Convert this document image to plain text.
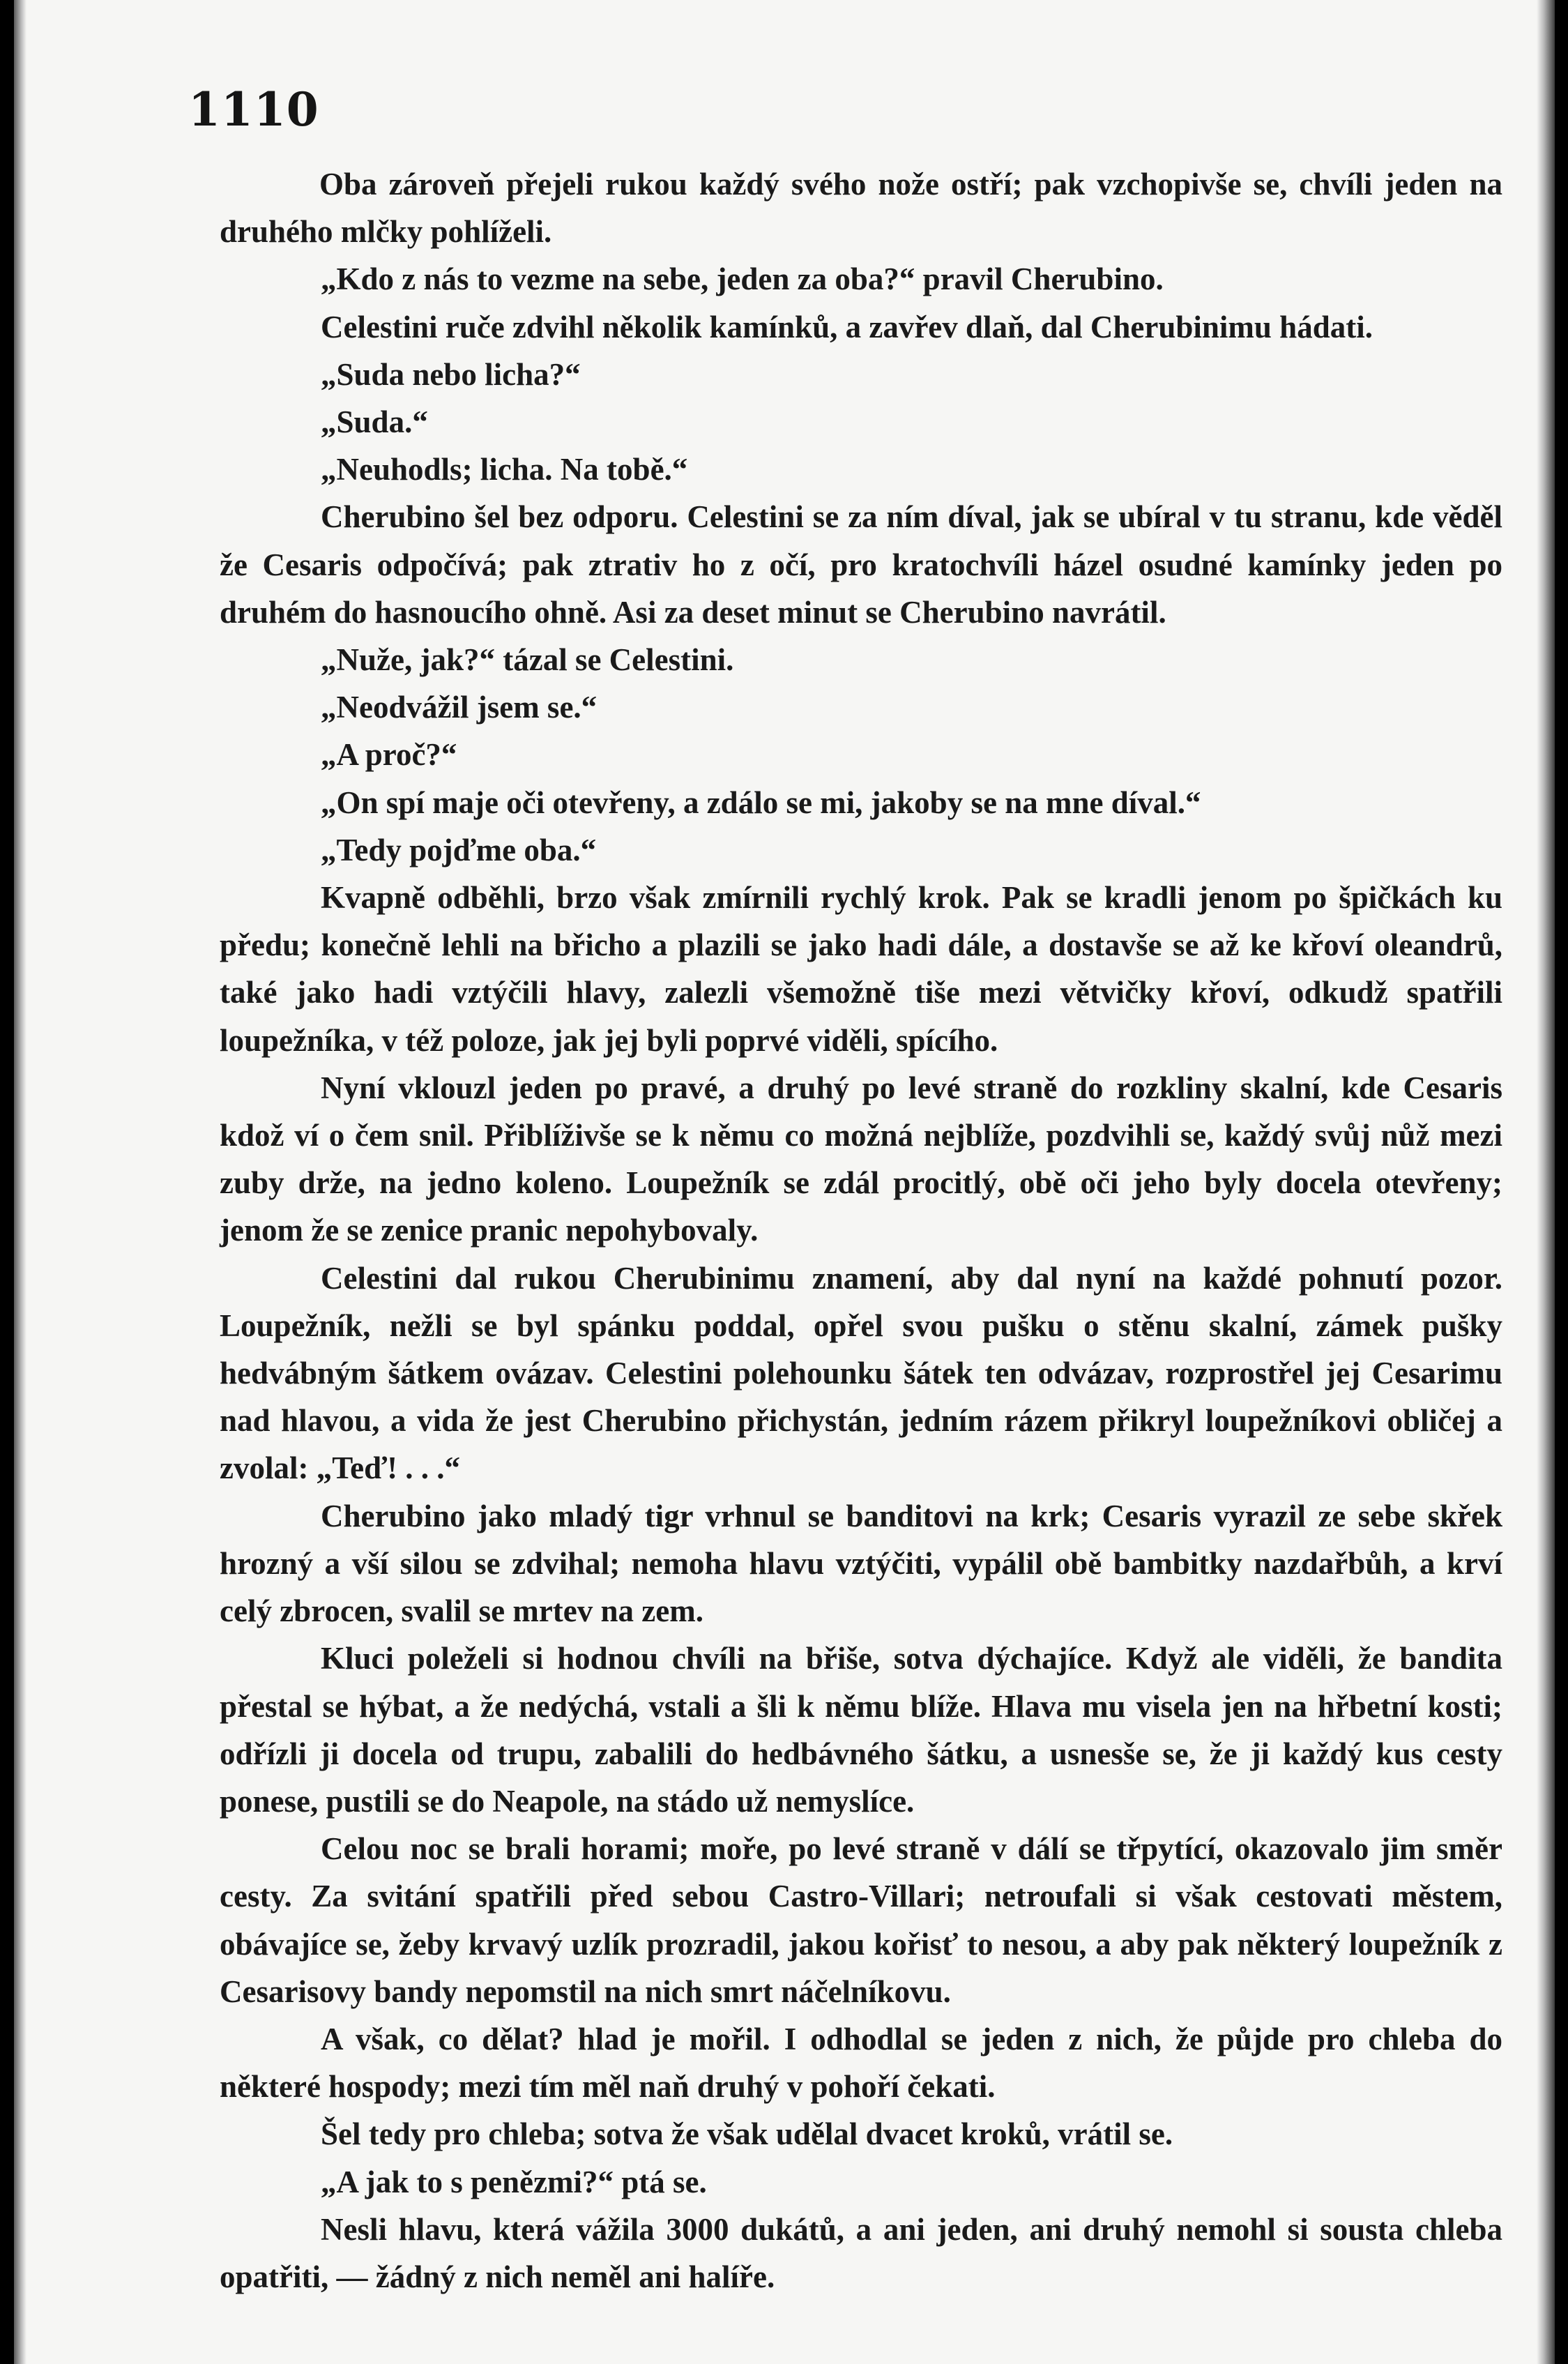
1110

Oba zároveň přejeli rukou každý svého nože ostří; pak vzchopivše se, chvíli jeden na druhého mlčky pohlíželi.

„Kdo z nás to vezme na sebe, jeden za oba?“ pravil Cherubino.

Celestini ruče zdvihl několik kamínků, a zavřev dlaň, dal Cherubinimu hádati.

„Suda nebo licha?“

„Suda.“

„Neuhodls; licha. Na tobě.“

Cherubino šel bez odporu. Celestini se za ním díval, jak se ubíral v tu stranu, kde věděl že Cesaris odpočívá; pak ztrativ ho z očí, pro kratochvíli házel osudné kamínky jeden po druhém do hasnoucího ohně. Asi za deset minut se Cherubino navrátil.

„Nuže, jak?“ tázal se Celestini.

„Neodvážil jsem se.“

„A proč?“

„On spí maje oči otevřeny, a zdálo se mi, jakoby se na mne díval.“

„Tedy pojďme oba.“

Kvapně odběhli, brzo však zmírnili rychlý krok. Pak se kradli jenom po špičkách ku předu; konečně lehli na břicho a plazili se jako hadi dále, a dostavše se až ke křoví oleandrů, také jako hadi vztýčili hlavy, zalezli všemožně tiše mezi větvičky křoví, odkudž spatřili loupežníka, v též poloze, jak jej byli poprvé viděli, spícího.

Nyní vklouzl jeden po pravé, a druhý po levé straně do rozkliny skalní, kde Cesaris kdož ví o čem snil. Přiblíživše se k němu co možná nejblíže, pozdvihli se, každý svůj nůž mezi zuby drže, na jedno koleno. Loupežník se zdál procitlý, obě oči jeho byly docela otevřeny; jenom že se zenice pranic nepohybovaly.

Celestini dal rukou Cherubinimu znamení, aby dal nyní na každé pohnutí pozor. Loupežník, nežli se byl spánku poddal, opřel svou pušku o stěnu skalní, zámek pušky hedvábným šátkem ovázav. Celestini polehounku šátek ten odvázav, rozprostřel jej Cesarimu nad hlavou, a vida že jest Cherubino přichystán, jedním rázem přikryl loupežníkovi obličej a zvolal: „Teď! . . .“

Cherubino jako mladý tigr vrhnul se banditovi na krk; Cesaris vyrazil ze sebe skřek hrozný a vší silou se zdvihal; nemoha hlavu vztýčiti, vypálil obě bambitky nazdařbůh, a krví celý zbrocen, svalil se mrtev na zem.

Kluci poleželi si hodnou chvíli na břiše, sotva dýchajíce. Když ale viděli, že bandita přestal se hýbat, a že nedýchá, vstali a šli k němu blíže. Hlava mu visela jen na hřbetní kosti; odřízli ji docela od trupu, zabalili do hedbávného šátku, a usnesše se, že ji každý kus cesty ponese, pustili se do Neapole, na stádo už nemyslíce.

Celou noc se brali horami; moře, po levé straně v dálí se třpytící, okazovalo jim směr cesty. Za svitání spatřili před sebou Castro-Villari; netroufali si však cestovati městem, obávajíce se, žeby krvavý uzlík prozradil, jakou kořisť to nesou, a aby pak některý loupežník z Cesarisovy bandy nepomstil na nich smrt náčelníkovu.

A však, co dělat? hlad je mořil. I odhodlal se jeden z nich, že půjde pro chleba do některé hospody; mezi tím měl naň druhý v pohoří čekati.

Šel tedy pro chleba; sotva že však udělal dvacet kroků, vrátil se.

„A jak to s penězmi?“ ptá se.

Nesli hlavu, která vážila 3000 dukátů, a ani jeden, ani druhý nemohl si sousta chleba opatřiti, — žádný z nich neměl ani halíře.
